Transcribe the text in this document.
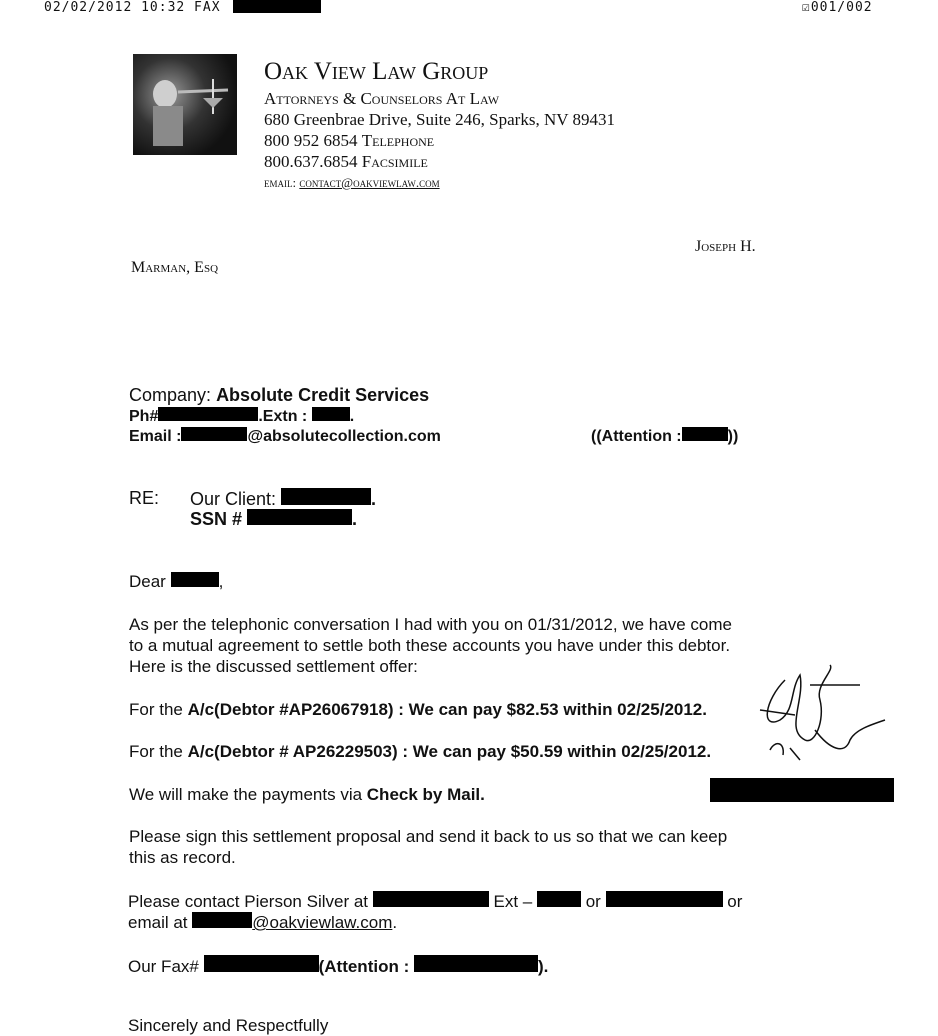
02/02/2012 10:32 FAX	☑001/002
Oak View Law Group
Attorneys & Counselors At Law
680 Greenbrae Drive, Suite 246, Sparks, NV 89431
800 952 6854 Telephone
800.637.6854 Facsimile
email: contact@oakviewlaw.com
Joseph H.
Marman, Esq
Company: Absolute Credit Services
Ph#	.Extn :	.
Email :	@absolutecollection.com	((Attention :	))
RE: Our Client:	.
SSN #	.
Dear	,
As per the telephonic conversation I had with you on 01/31/2012, we have come
to a mutual agreement to settle both these accounts you have under this debtor.
Here is the discussed settlement offer:
For the A/c(Debtor #AP26067918) : We can pay $82.53 within 02/25/2012.
For the A/c(Debtor # AP26229503) : We can pay $50.59 within 02/25/2012.
We will make the payments via Check by Mail.
Please sign this settlement proposal and send it back to us so that we can keep
this as record.
Please contact Pierson Silver at	Ext –	or	or
email at	@oakviewlaw.com.
Our Fax#	(Attention :	).
Sincerely and Respectfully
